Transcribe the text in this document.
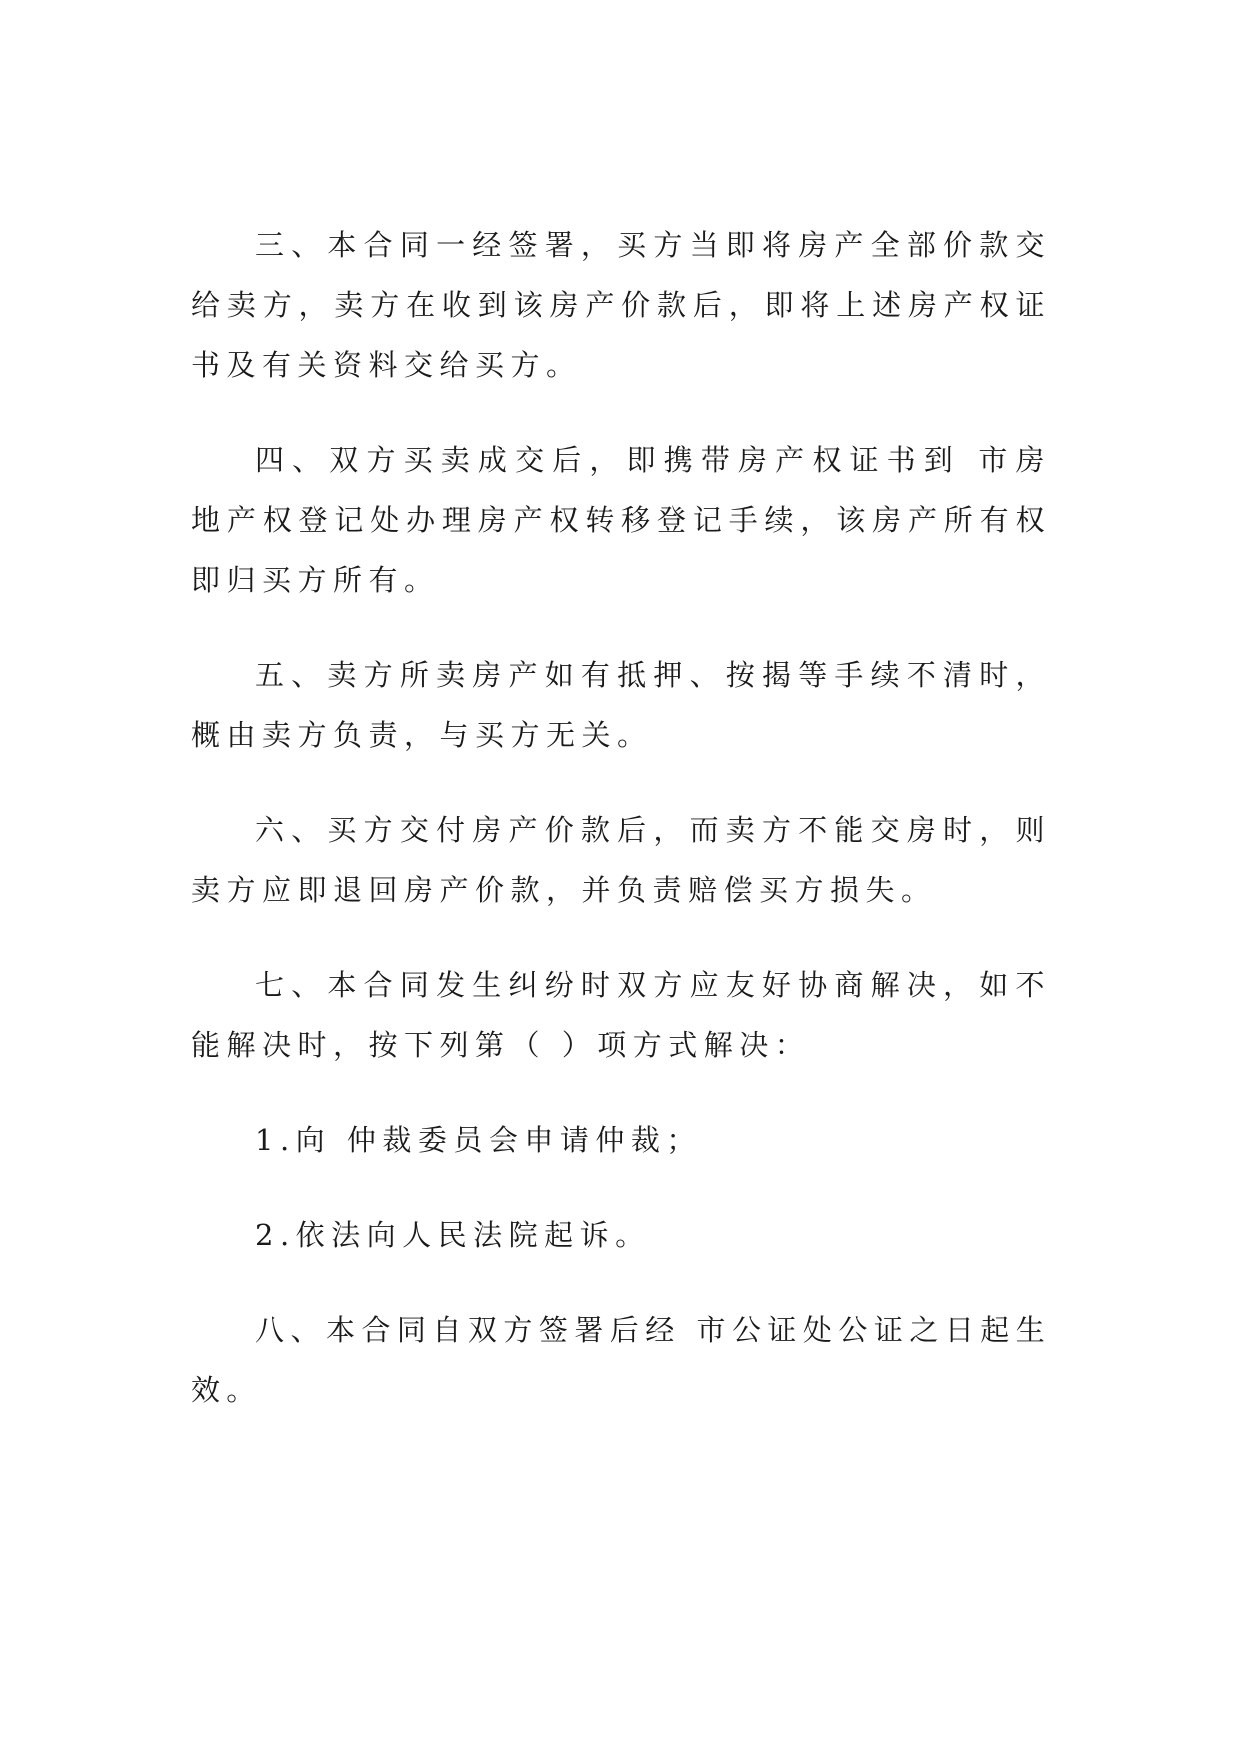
三、本合同一经签署，买方当即将房产全部价款交给卖方，卖方在收到该房产价款后，即将上述房产权证书及有关资料交给买方。

四、双方买卖成交后，即携带房产权证书到 市房地产权登记处办理房产权转移登记手续，该房产所有权即归买方所有。

五、卖方所卖房产如有抵押、按揭等手续不清时，概由卖方负责，与买方无关。

六、买方交付房产价款后，而卖方不能交房时，则卖方应即退回房产价款，并负责赔偿买方损失。

七、本合同发生纠纷时双方应友好协商解决，如不能解决时，按下列第（ ）项方式解决：

1.向 仲裁委员会申请仲裁；

2.依法向人民法院起诉。

八、本合同自双方签署后经 市公证处公证之日起生效。
